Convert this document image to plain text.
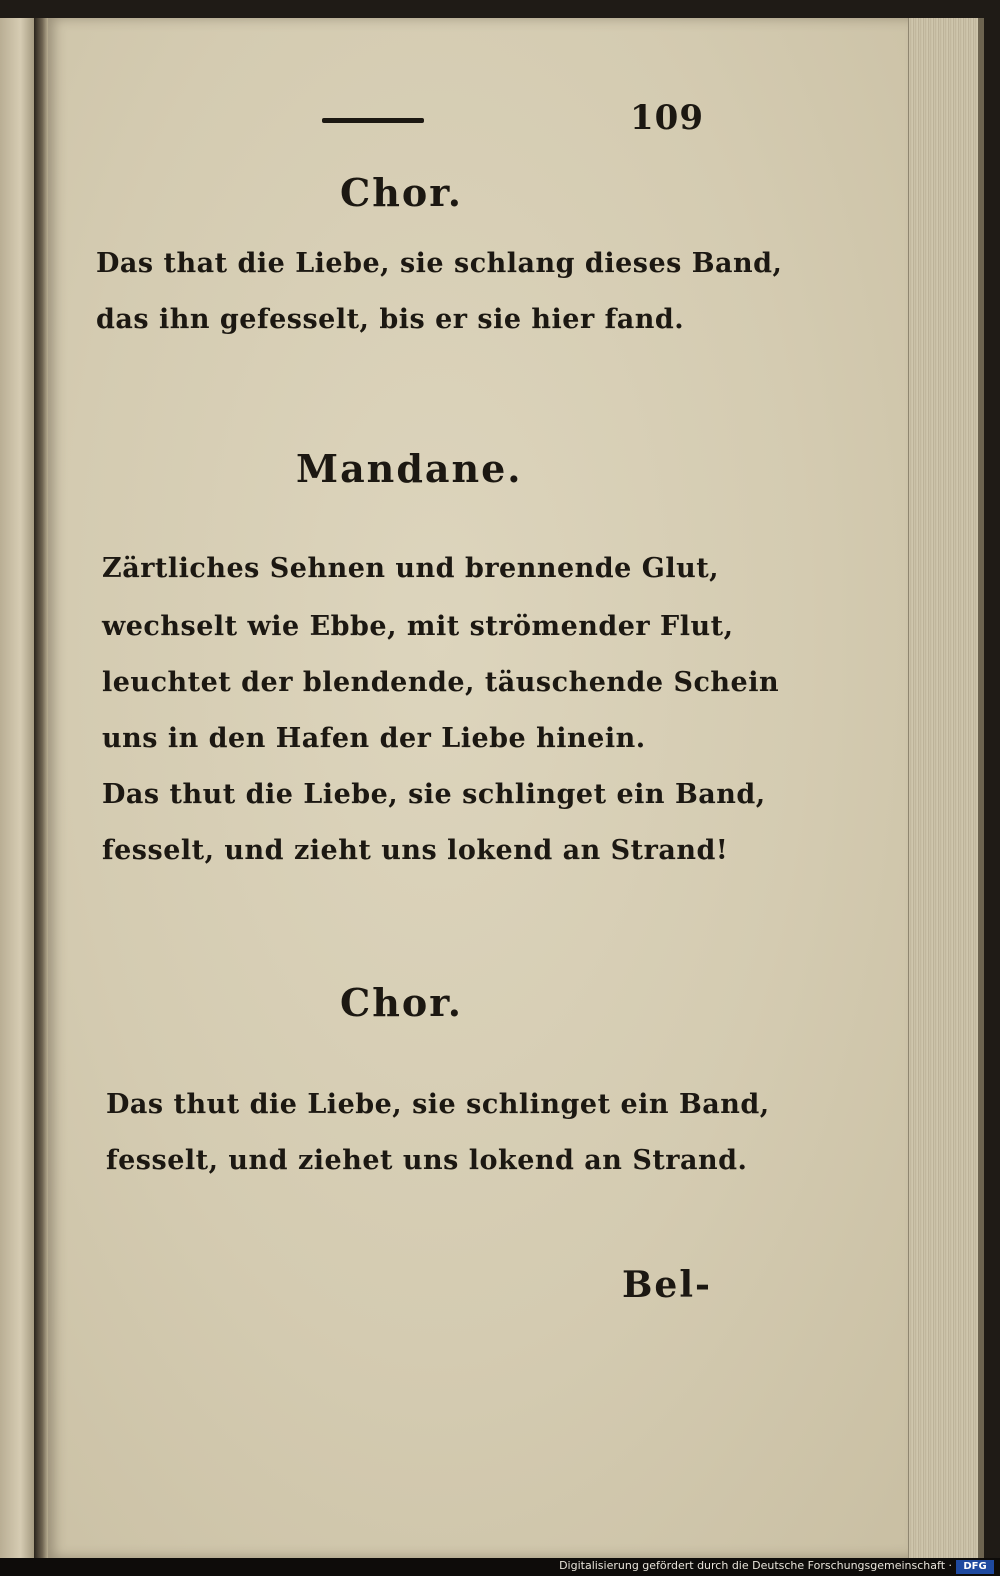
109
Chor.
Das that die Liebe, sie schlang dieses Band,
das ihn gefesselt, bis er sie hier fand.
Mandane.
Zärtliches Sehnen und brennende Glut,
wechselt wie Ebbe, mit strömender Flut,
leuchtet der blendende, täuschende Schein
uns in den Hafen der Liebe hinein.
Das thut die Liebe, sie schlinget ein Band,
fesselt, und zieht uns lokend an Strand!
Chor.
Das thut die Liebe, sie schlinget ein Band,
fesselt, und ziehet uns lokend an Strand.
Bel-
Digitalisierung gefördert durch die Deutsche Forschungsgemeinschaft ·	DFG
